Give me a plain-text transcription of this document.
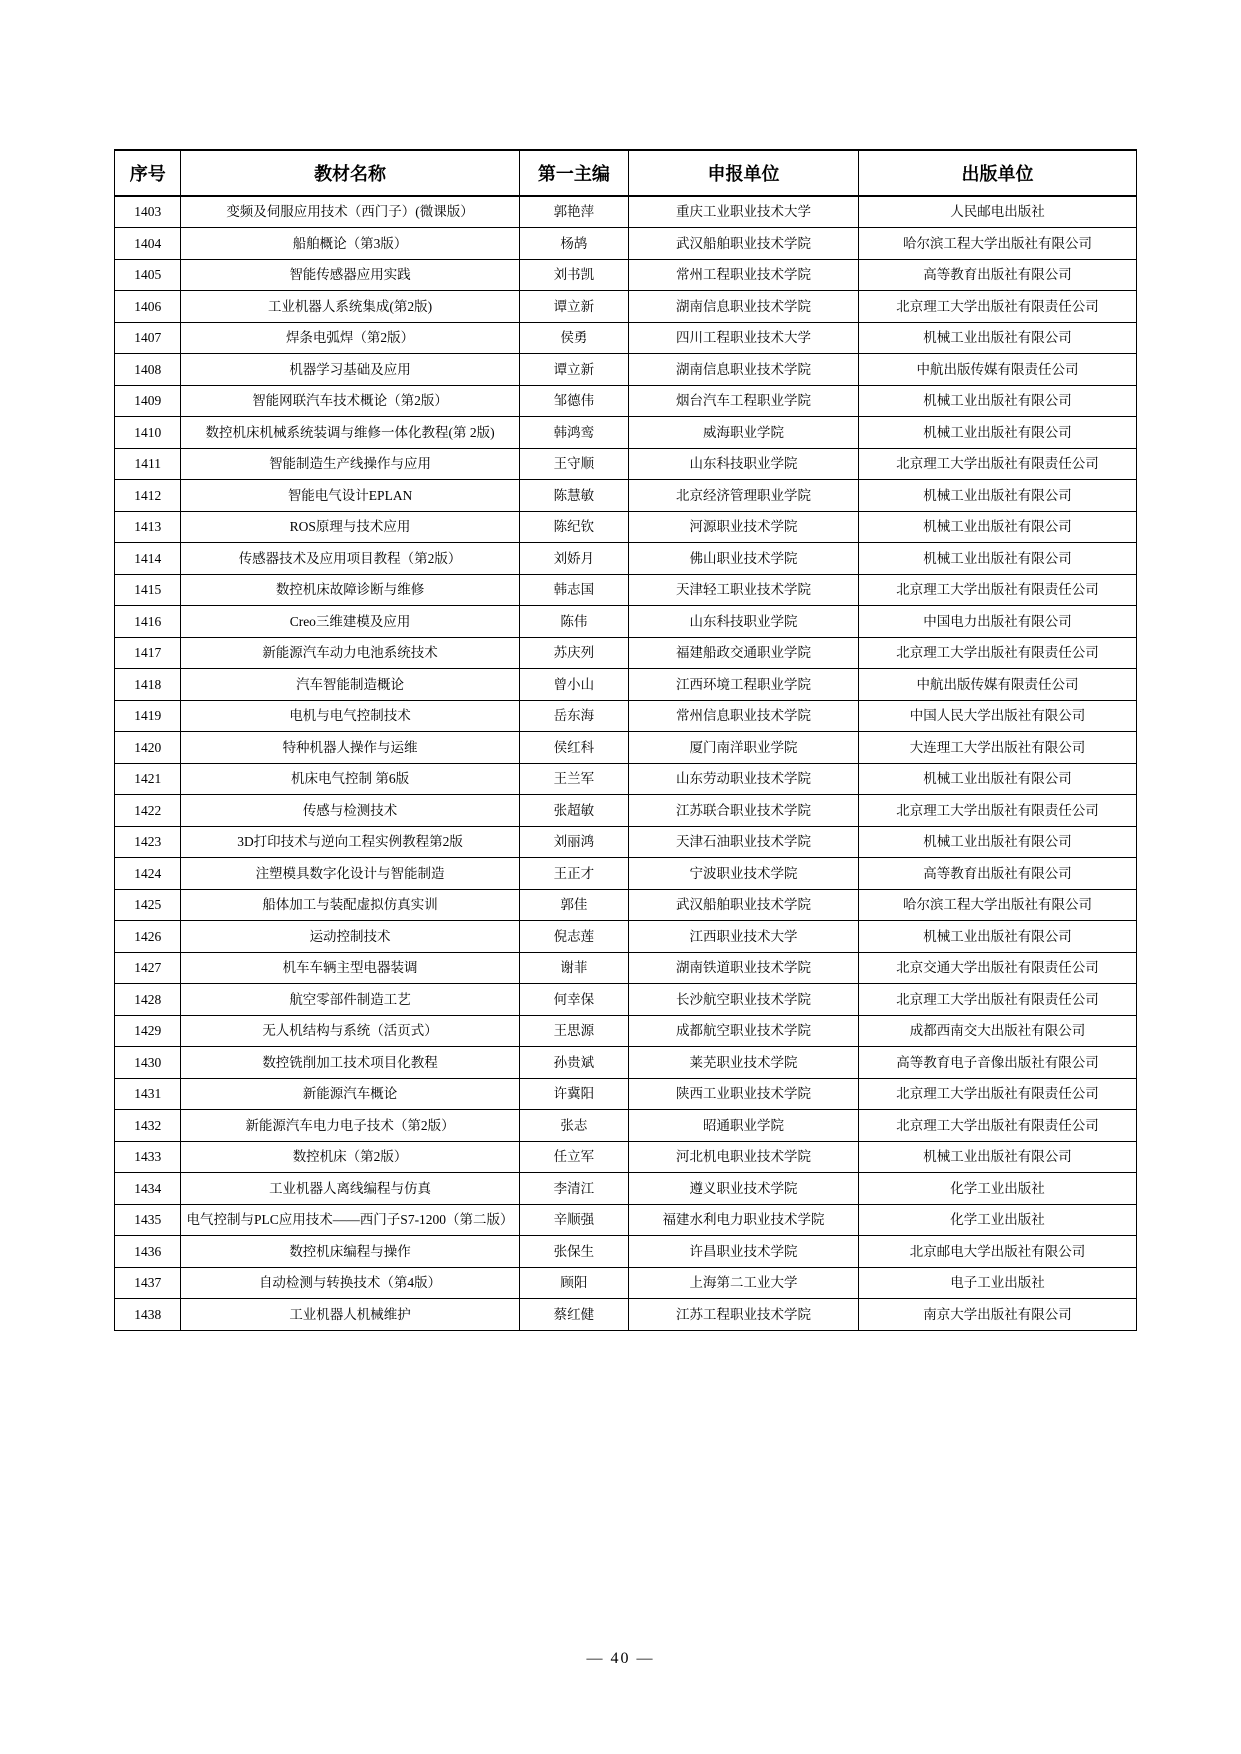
序号	教材名称	第一主编	申报单位	出版单位
1403	变频及伺服应用技术（西门子）(微课版）	郭艳萍	重庆工业职业技术大学	人民邮电出版社
1404	船舶概论（第3版）	杨鸪	武汉船舶职业技术学院	哈尔滨工程大学出版社有限公司
1405	智能传感器应用实践	刘书凯	常州工程职业技术学院	高等教育出版社有限公司
1406	工业机器人系统集成(第2版)	谭立新	湖南信息职业技术学院	北京理工大学出版社有限责任公司
1407	焊条电弧焊（第2版）	侯勇	四川工程职业技术大学	机械工业出版社有限公司
1408	机器学习基础及应用	谭立新	湖南信息职业技术学院	中航出版传媒有限责任公司
1409	智能网联汽车技术概论（第2版）	邹德伟	烟台汽车工程职业学院	机械工业出版社有限公司
1410	数控机床机械系统装调与维修一体化教程(第 2版)	韩鸿鸾	威海职业学院	机械工业出版社有限公司
1411	智能制造生产线操作与应用	王守顺	山东科技职业学院	北京理工大学出版社有限责任公司
1412	智能电气设计EPLAN	陈慧敏	北京经济管理职业学院	机械工业出版社有限公司
1413	ROS原理与技术应用	陈纪钦	河源职业技术学院	机械工业出版社有限公司
1414	传感器技术及应用项目教程（第2版）	刘娇月	佛山职业技术学院	机械工业出版社有限公司
1415	数控机床故障诊断与维修	韩志国	天津轻工职业技术学院	北京理工大学出版社有限责任公司
1416	Creo三维建模及应用	陈伟	山东科技职业学院	中国电力出版社有限公司
1417	新能源汽车动力电池系统技术	苏庆列	福建船政交通职业学院	北京理工大学出版社有限责任公司
1418	汽车智能制造概论	曾小山	江西环境工程职业学院	中航出版传媒有限责任公司
1419	电机与电气控制技术	岳东海	常州信息职业技术学院	中国人民大学出版社有限公司
1420	特种机器人操作与运维	侯红科	厦门南洋职业学院	大连理工大学出版社有限公司
1421	机床电气控制 第6版	王兰军	山东劳动职业技术学院	机械工业出版社有限公司
1422	传感与检测技术	张超敏	江苏联合职业技术学院	北京理工大学出版社有限责任公司
1423	3D打印技术与逆向工程实例教程第2版	刘丽鸿	天津石油职业技术学院	机械工业出版社有限公司
1424	注塑模具数字化设计与智能制造	王正才	宁波职业技术学院	高等教育出版社有限公司
1425	船体加工与装配虚拟仿真实训	郭佳	武汉船舶职业技术学院	哈尔滨工程大学出版社有限公司
1426	运动控制技术	倪志莲	江西职业技术大学	机械工业出版社有限公司
1427	机车车辆主型电器装调	谢菲	湖南铁道职业技术学院	北京交通大学出版社有限责任公司
1428	航空零部件制造工艺	何幸保	长沙航空职业技术学院	北京理工大学出版社有限责任公司
1429	无人机结构与系统（活页式）	王思源	成都航空职业技术学院	成都西南交大出版社有限公司
1430	数控铣削加工技术项目化教程	孙贵斌	莱芜职业技术学院	高等教育电子音像出版社有限公司
1431	新能源汽车概论	许冀阳	陕西工业职业技术学院	北京理工大学出版社有限责任公司
1432	新能源汽车电力电子技术（第2版）	张志	昭通职业学院	北京理工大学出版社有限责任公司
1433	数控机床（第2版）	任立军	河北机电职业技术学院	机械工业出版社有限公司
1434	工业机器人离线编程与仿真	李清江	遵义职业技术学院	化学工业出版社
1435	电气控制与PLC应用技术——西门子S7-1200（第二版）	辛顺强	福建水利电力职业技术学院	化学工业出版社
1436	数控机床编程与操作	张保生	许昌职业技术学院	北京邮电大学出版社有限公司
1437	自动检测与转换技术（第4版）	顾阳	上海第二工业大学	电子工业出版社
1438	工业机器人机械维护	蔡红健	江苏工程职业技术学院	南京大学出版社有限公司
— 40 —
